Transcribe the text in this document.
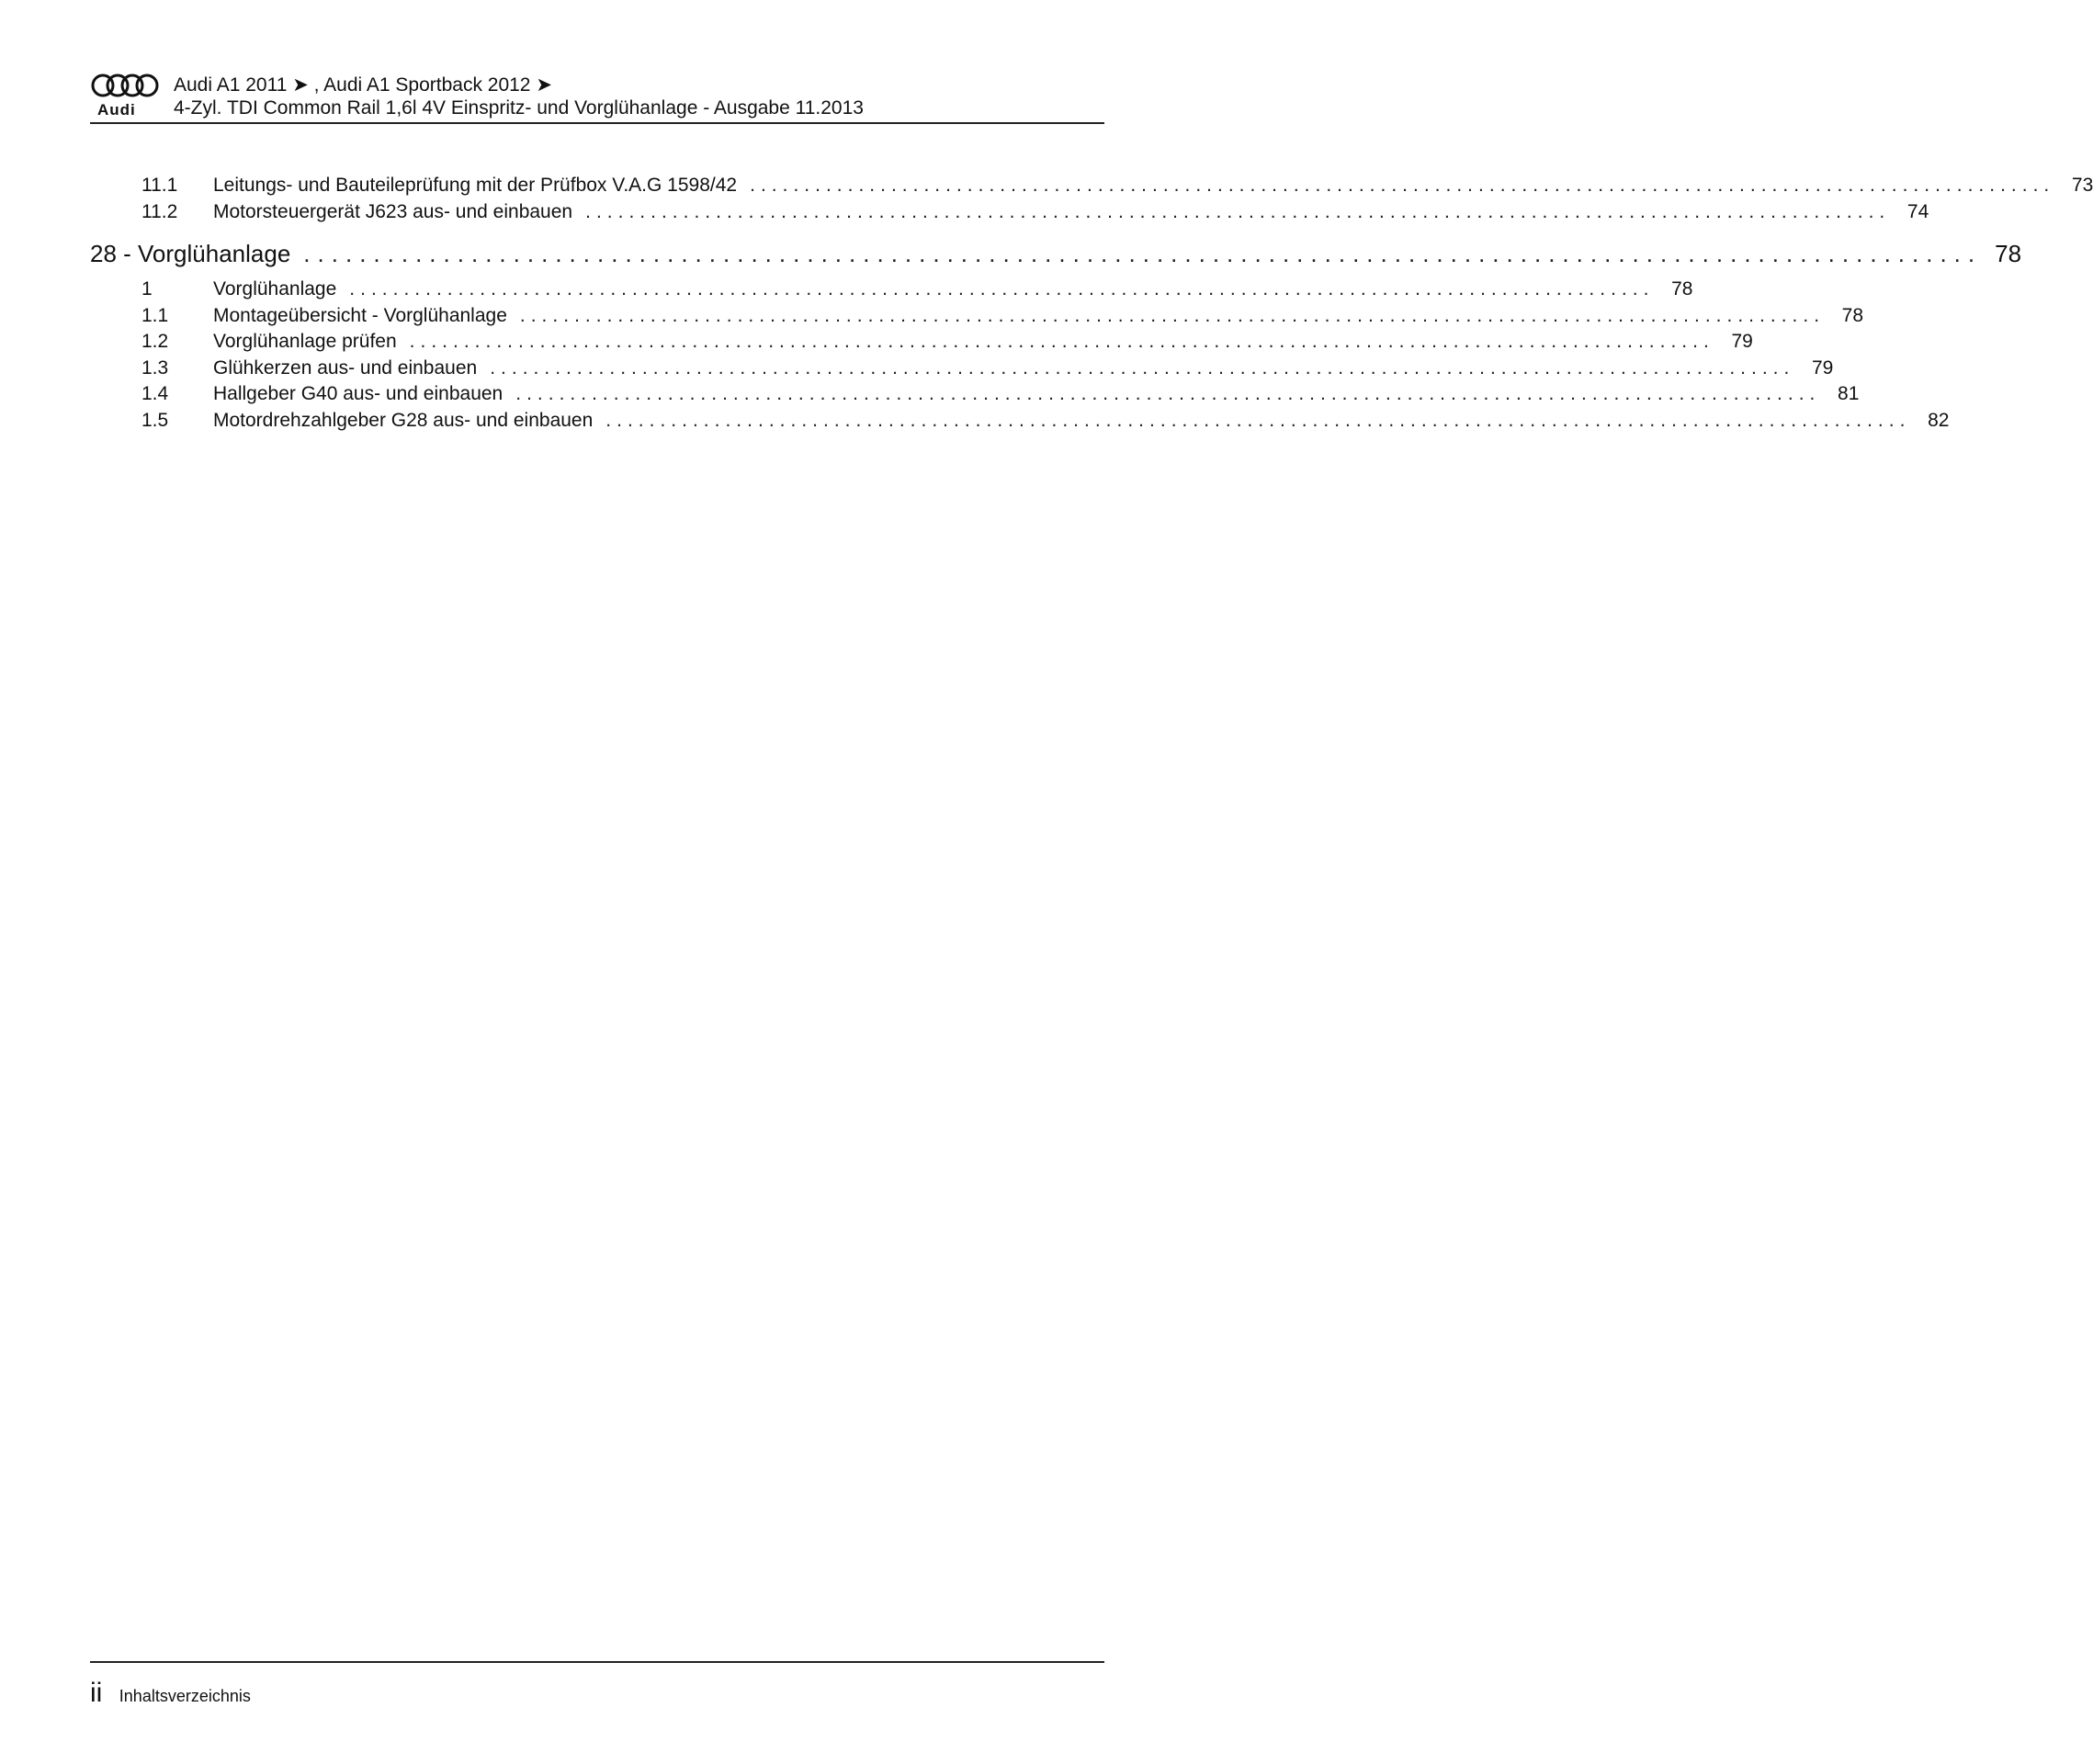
Audi
Audi A1 2011 ➤ , Audi A1 Sportback 2012 ➤
4-Zyl. TDI Common Rail 1,6l 4V Einspritz- und Vorglühanlage - Ausgabe 11.2013
11.1	Leitungs- und Bauteileprüfung mit der Prüfbox V.A.G 1598/42 ........................................................................................................................ 73
11.2	Motorsteuergerät J623 aus- und einbauen ........................................................................................................................ 74
28 - Vorglühanlage ........................................................................................................................ 78
1	Vorglühanlage ........................................................................................................................ 78
1.1	Montageübersicht - Vorglühanlage ........................................................................................................................ 78
1.2	Vorglühanlage prüfen ........................................................................................................................ 79
1.3	Glühkerzen aus- und einbauen ........................................................................................................................ 79
1.4	Hallgeber G40 aus- und einbauen ........................................................................................................................ 81
1.5	Motordrehzahlgeber G28 aus- und einbauen ........................................................................................................................ 82
ii Inhaltsverzeichnis
